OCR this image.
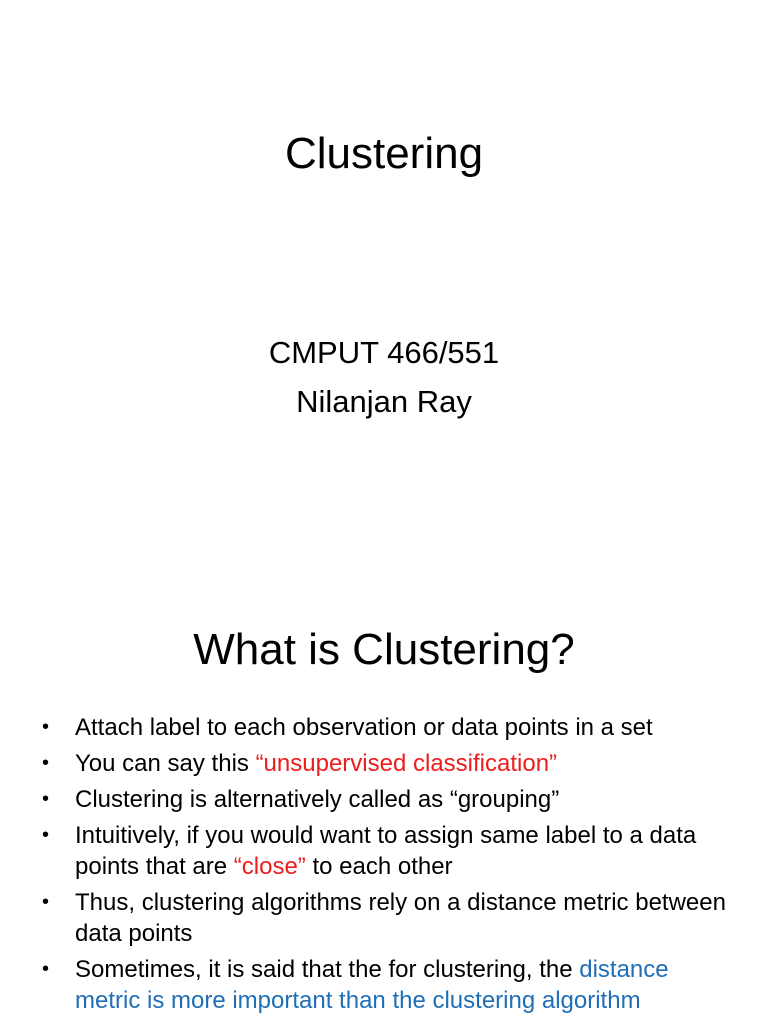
Clustering

CMPUT 466/551

Nilanjan Ray

What is Clustering?
• Attach label to each observation or data points in a set
• You can say this “unsupervised classification”
• Clustering is alternatively called as “grouping”
• Intuitively, if you would want to assign same label to a data points that are “close” to each other
• Thus, clustering algorithms rely on a distance metric between data points
• Sometimes, it is said that the for clustering, the distance metric is more important than the clustering algorithm
